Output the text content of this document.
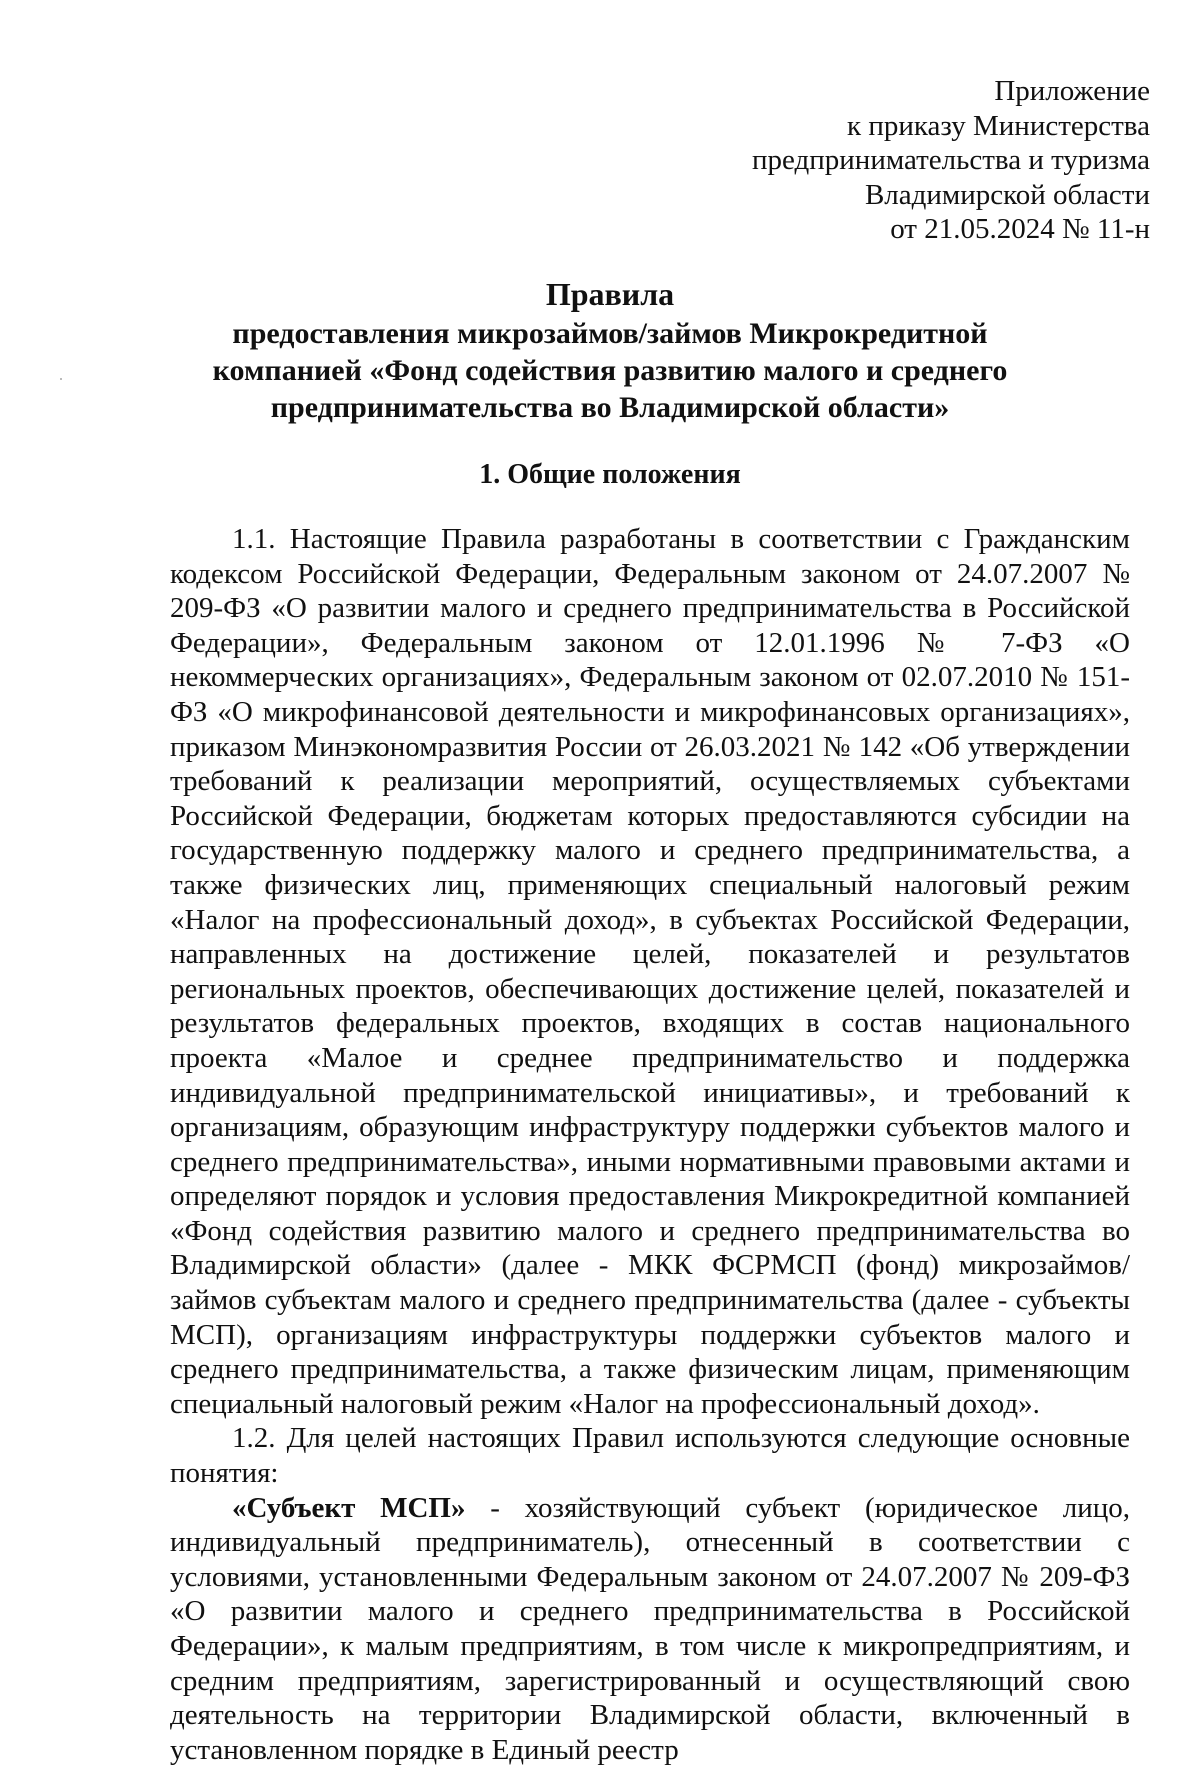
Приложение
к приказу Министерства
предпринимательства и туризма
Владимирской области
от 21.05.2024 № 11-н
Правила
предоставления микрозаймов/займов Микрокредитной
компанией «Фонд содействия развитию малого и среднего
предпринимательства во Владимирской области»
1. Общие положения

1.1. Настоящие Правила разработаны в соответствии с Гражданским кодексом Российской Федерации, Федеральным законом от 24.07.2007 № 209-ФЗ «О развитии малого и среднего предпринимательства в Российской Федерации», Федеральным законом от 12.01.1996 № 7-ФЗ «О некоммерческих организациях», Федеральным законом от 02.07.2010 № 151-ФЗ «О микрофинансовой деятельности и микрофинансовых организациях», приказом Минэкономразвития России от 26.03.2021 № 142 «Об утверждении требований к реализации мероприятий, осуществляемых субъектами Российской Федерации, бюджетам которых предоставляются субсидии на государственную поддержку малого и среднего предпринимательства, а также физических лиц, применяющих специальный налоговый режим «Налог на профессиональный доход», в субъектах Российской Федерации, направленных на достижение целей, показателей и результатов региональных проектов, обеспечивающих достижение целей, показателей и результатов федеральных проектов, входящих в состав национального проекта «Малое и среднее предпринимательство и поддержка индивидуальной предпринимательской инициативы», и требований к организациям, образующим инфраструктуру поддержки субъектов малого и среднего предпринимательства», иными нормативными правовыми актами и определяют порядок и условия предоставления Микрокредитной компанией «Фонд содействия развитию малого и среднего предпринимательства во Владимирской области» (далее - МКК ФСРМСП (фонд) микрозаймов/займов субъектам малого и среднего предпринимательства (далее - субъекты МСП), организациям инфраструктуры поддержки субъектов малого и среднего предпринимательства, а также физическим лицам, применяющим специальный налоговый режим «Налог на профессиональный доход».

1.2. Для целей настоящих Правил используются следующие основные понятия:

«Субъект МСП» - хозяйствующий субъект (юридическое лицо, индивидуальный предприниматель), отнесенный в соответствии с условиями, установленными Федеральным законом от 24.07.2007 № 209-ФЗ «О развитии малого и среднего предпринимательства в Российской Федерации», к малым предприятиям, в том числе к микропредприятиям, и средним предприятиям, зарегистрированный и осуществляющий свою деятельность на территории Владимирской области, включенный в установленном порядке в Единый реестр
